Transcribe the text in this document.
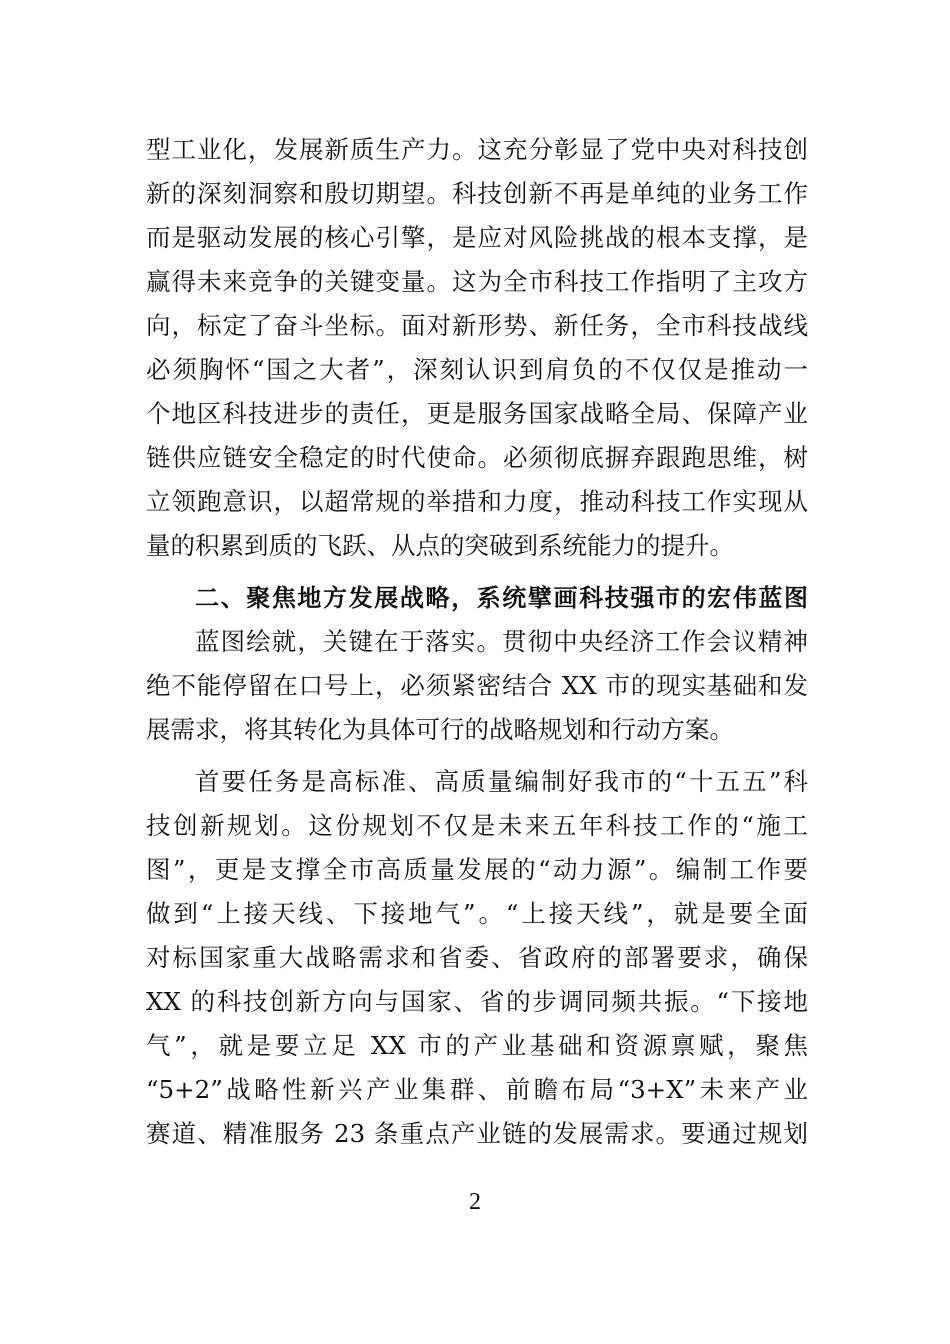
型工业化，发展新质生产力。这充分彰显了党中央对科技创
新的深刻洞察和殷切期望。科技创新不再是单纯的业务工作
而是驱动发展的核心引擎，是应对风险挑战的根本支撑，是
赢得未来竞争的关键变量。这为全市科技工作指明了主攻方
向，标定了奋斗坐标。面对新形势、新任务，全市科技战线
必须胸怀“国之大者”，深刻认识到肩负的不仅仅是推动一
个地区科技进步的责任，更是服务国家战略全局、保障产业
链供应链安全稳定的时代使命。必须彻底摒弃跟跑思维，树
立领跑意识，以超常规的举措和力度，推动科技工作实现从
量的积累到质的飞跃、从点的突破到系统能力的提升。
二、聚焦地方发展战略，系统擘画科技强市的宏伟蓝图
蓝图绘就，关键在于落实。贯彻中央经济工作会议精神
绝不能停留在口号上，必须紧密结合 XX 市的现实基础和发
展需求，将其转化为具体可行的战略规划和行动方案。
首要任务是高标准、高质量编制好我市的“十五五”科
技创新规划。这份规划不仅是未来五年科技工作的“施工
图”，更是支撑全市高质量发展的“动力源”。编制工作要
做到“上接天线、下接地气”。“上接天线”，就是要全面
对标国家重大战略需求和省委、省政府的部署要求，确保
XX 的科技创新方向与国家、省的步调同频共振。“下接地
气”，就是要立足 XX 市的产业基础和资源禀赋，聚焦
“5+2”战略性新兴产业集群、前瞻布局“3+X”未来产业
赛道、精准服务 23 条重点产业链的发展需求。要通过规划
2
